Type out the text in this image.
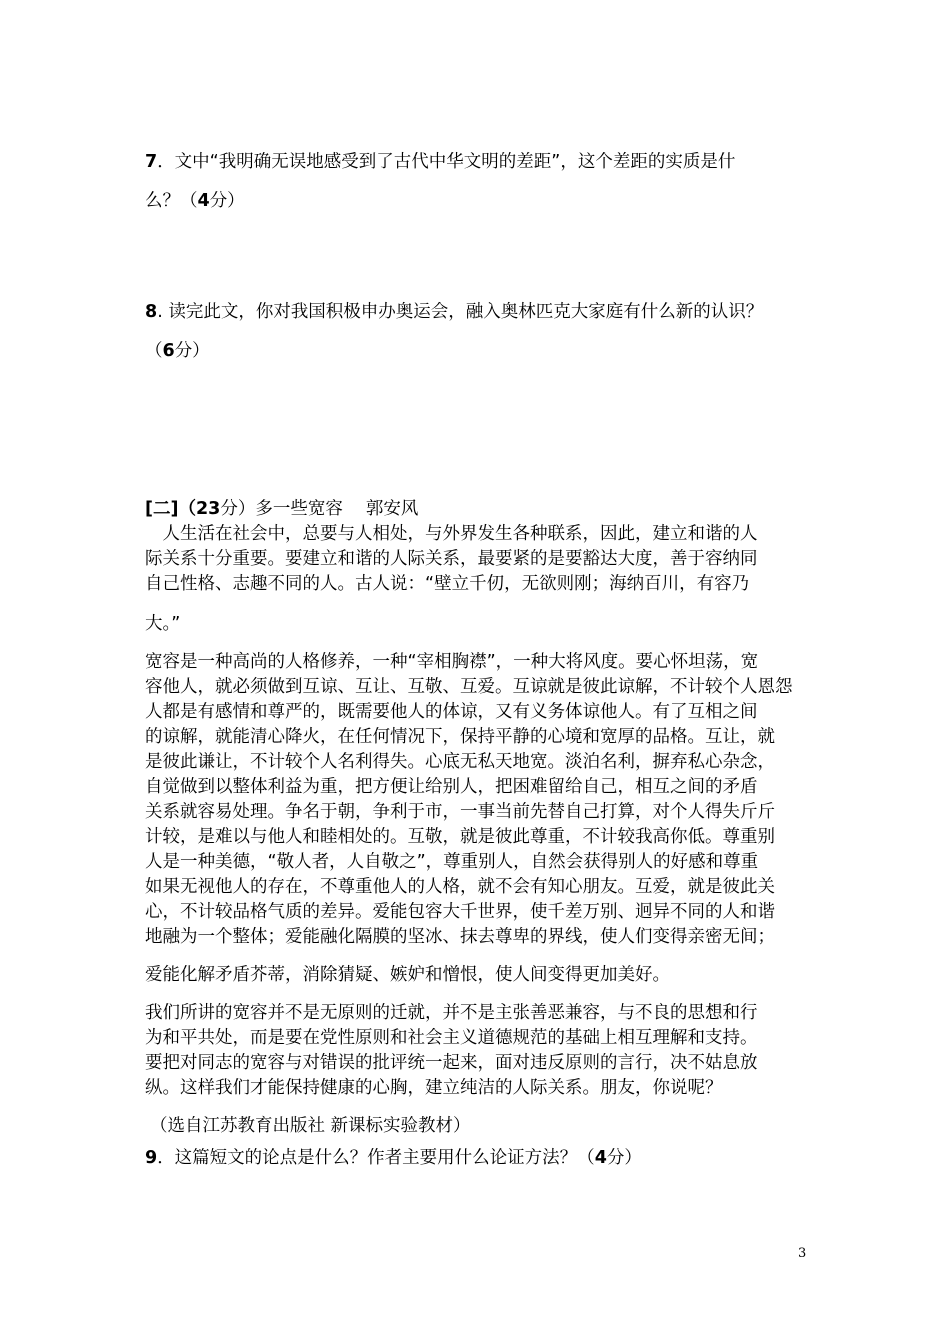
7．文中“我明确无误地感受到了古代中华文明的差距”，这个差距的实质是什
么？（4分）
8. 读完此文，你对我国积极申办奥运会，融入奥林匹克大家庭有什么新的认识？
（6分）
[二]（23分）多一些宽容　 郭安风
　人生活在社会中，总要与人相处，与外界发生各种联系，因此，建立和谐的人
际关系十分重要。要建立和谐的人际关系，最要紧的是要豁达大度，善于容纳同
自己性格、志趣不同的人。古人说：“壁立千仞，无欲则刚；海纳百川，有容乃
大。”
宽容是一种高尚的人格修养，一种“宰相胸襟”，一种大将风度。要心怀坦荡，宽
容他人，就必须做到互谅、互让、互敬、互爱。互谅就是彼此谅解，不计较个人恩怨
人都是有感情和尊严的，既需要他人的体谅，又有义务体谅他人。有了互相之间
的谅解，就能清心降火，在任何情况下，保持平静的心境和宽厚的品格。互让，就
是彼此谦让，不计较个人名利得失。心底无私天地宽。淡泊名利，摒弃私心杂念，
自觉做到以整体利益为重，把方便让给别人，把困难留给自己，相互之间的矛盾
关系就容易处理。争名于朝，争利于市，一事当前先替自己打算，对个人得失斤斤
计较，是难以与他人和睦相处的。互敬，就是彼此尊重，不计较我高你低。尊重别
人是一种美德，“敬人者，人自敬之”，尊重别人，自然会获得别人的好感和尊重
如果无视他人的存在，不尊重他人的人格，就不会有知心朋友。互爱，就是彼此关
心，不计较品格气质的差异。爱能包容大千世界，使千差万别、迥异不同的人和谐
地融为一个整体；爱能融化隔膜的坚冰、抹去尊卑的界线，使人们变得亲密无间；
爱能化解矛盾芥蒂，消除猜疑、嫉妒和憎恨，使人间变得更加美好。
我们所讲的宽容并不是无原则的迁就，并不是主张善恶兼容，与不良的思想和行
为和平共处，而是要在党性原则和社会主义道德规范的基础上相互理解和支持。
要把对同志的宽容与对错误的批评统一起来，面对违反原则的言行，决不姑息放
纵。这样我们才能保持健康的心胸，建立纯洁的人际关系。朋友，你说呢？
（选自江苏教育出版社 新课标实验教材）
9．这篇短文的论点是什么？作者主要用什么论证方法？（4分）
3
